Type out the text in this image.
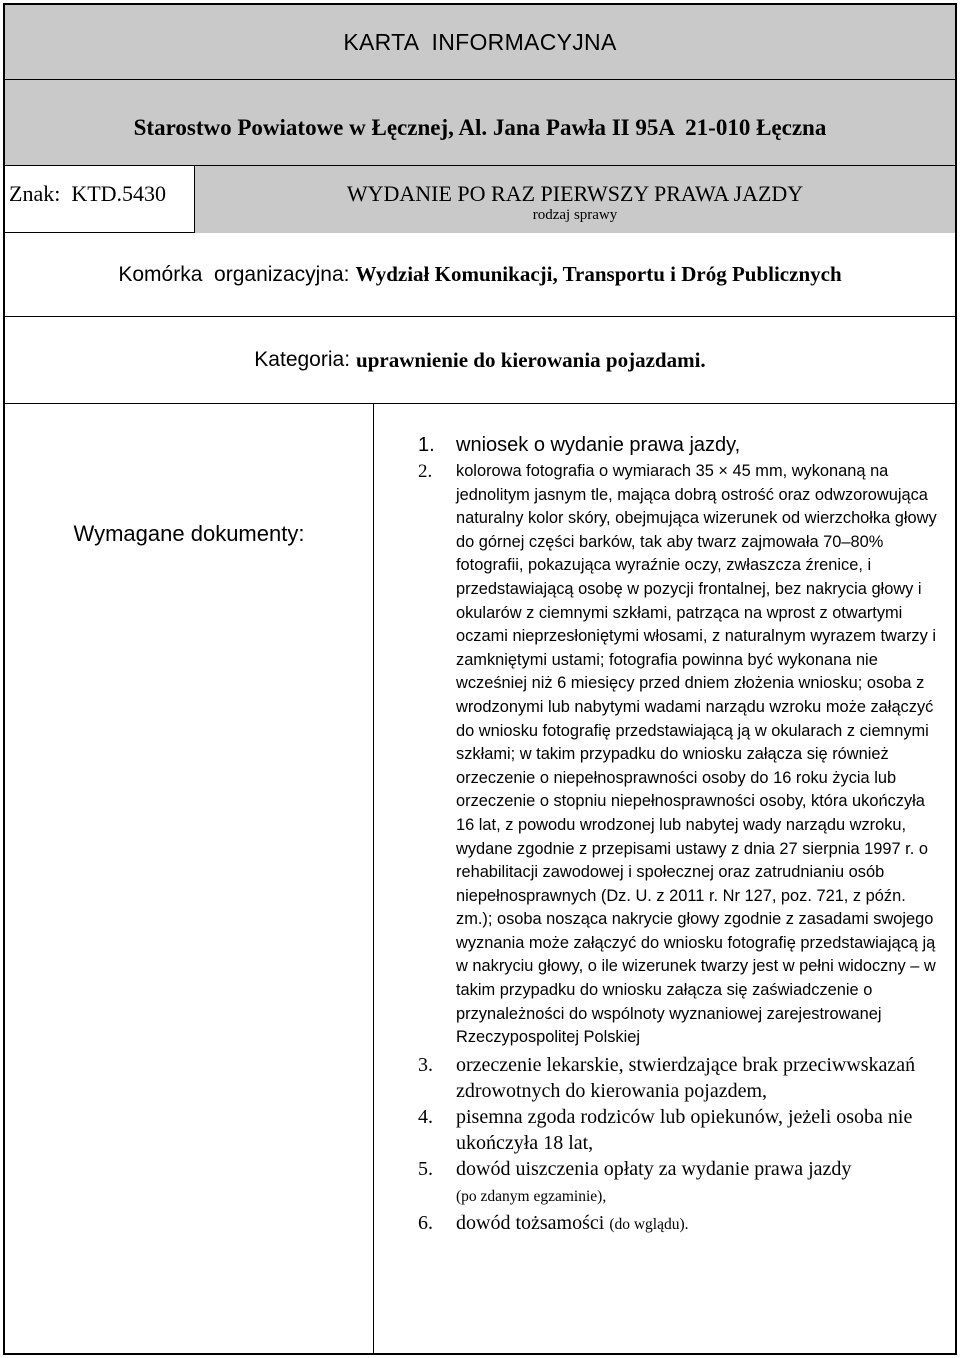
KARTA  INFORMACYJNA
Starostwo Powiatowe w Łęcznej, Al. Jana Pawła II 95A  21-010 Łęczna
Znak:
KTD.5430	WYDANIE PO RAZ PIERWSZY PRAWA JAZDY
rodzaj sprawy
Komórka  organizacyjna: Wydział Komunikacji, Transportu i Dróg Publicznych
Kategoria: uprawnienie do kierowania pojazdami.
Wymagane dokumenty:
1. wniosek o wydanie prawa jazdy,
2. kolorowa fotografia o wymiarach 35 × 45 mm, wykonaną na jednolitym jasnym tle, mająca dobrą ostrość oraz odwzorowująca naturalny kolor skóry, obejmująca wizerunek od wierzchołka głowy do górnej części barków, tak aby twarz zajmowała 70–80% fotografii, pokazująca wyraźnie oczy, zwłaszcza źrenice, i przedstawiającą osobę w pozycji frontalnej, bez nakrycia głowy i okularów z ciemnymi szkłami, patrząca na wprost z otwartymi oczami nieprzesłoniętymi włosami, z naturalnym wyrazem twarzy i zamkniętymi ustami; fotografia powinna być wykonana nie wcześniej niż 6 miesięcy przed dniem złożenia wniosku; osoba z wrodzonymi lub nabytymi wadami narządu wzroku może załączyć do wniosku fotografię przedstawiającą ją w okularach z ciemnymi szkłami; w takim przypadku do wniosku załącza się również orzeczenie o niepełnosprawności osoby do 16 roku życia lub orzeczenie o stopniu niepełnosprawności osoby, która ukończyła 16 lat, z powodu wrodzonej lub nabytej wady narządu wzroku, wydane zgodnie z przepisami ustawy z dnia 27 sierpnia 1997 r. o rehabilitacji zawodowej i społecznej oraz zatrudnianiu osób niepełnosprawnych (Dz. U. z 2011 r. Nr 127, poz. 721, z późn. zm.); osoba nosząca nakrycie głowy zgodnie z zasadami swojego wyznania może załączyć do wniosku fotografię przedstawiającą ją w nakryciu głowy, o ile wizerunek twarzy jest w pełni widoczny – w takim przypadku do wniosku załącza się zaświadczenie o przynależności do wspólnoty wyznaniowej zarejestrowanej Rzeczypospolitej Polskiej
3. orzeczenie lekarskie, stwierdzające brak przeciwwskazań zdrowotnych do kierowania pojazdem,
4. pisemna zgoda rodziców lub opiekunów, jeżeli osoba nie ukończyła 18 lat,
5. dowód uiszczenia opłaty za wydanie prawa jazdy
(po zdanym egzaminie),
6. dowód tożsamości (do wglądu).
